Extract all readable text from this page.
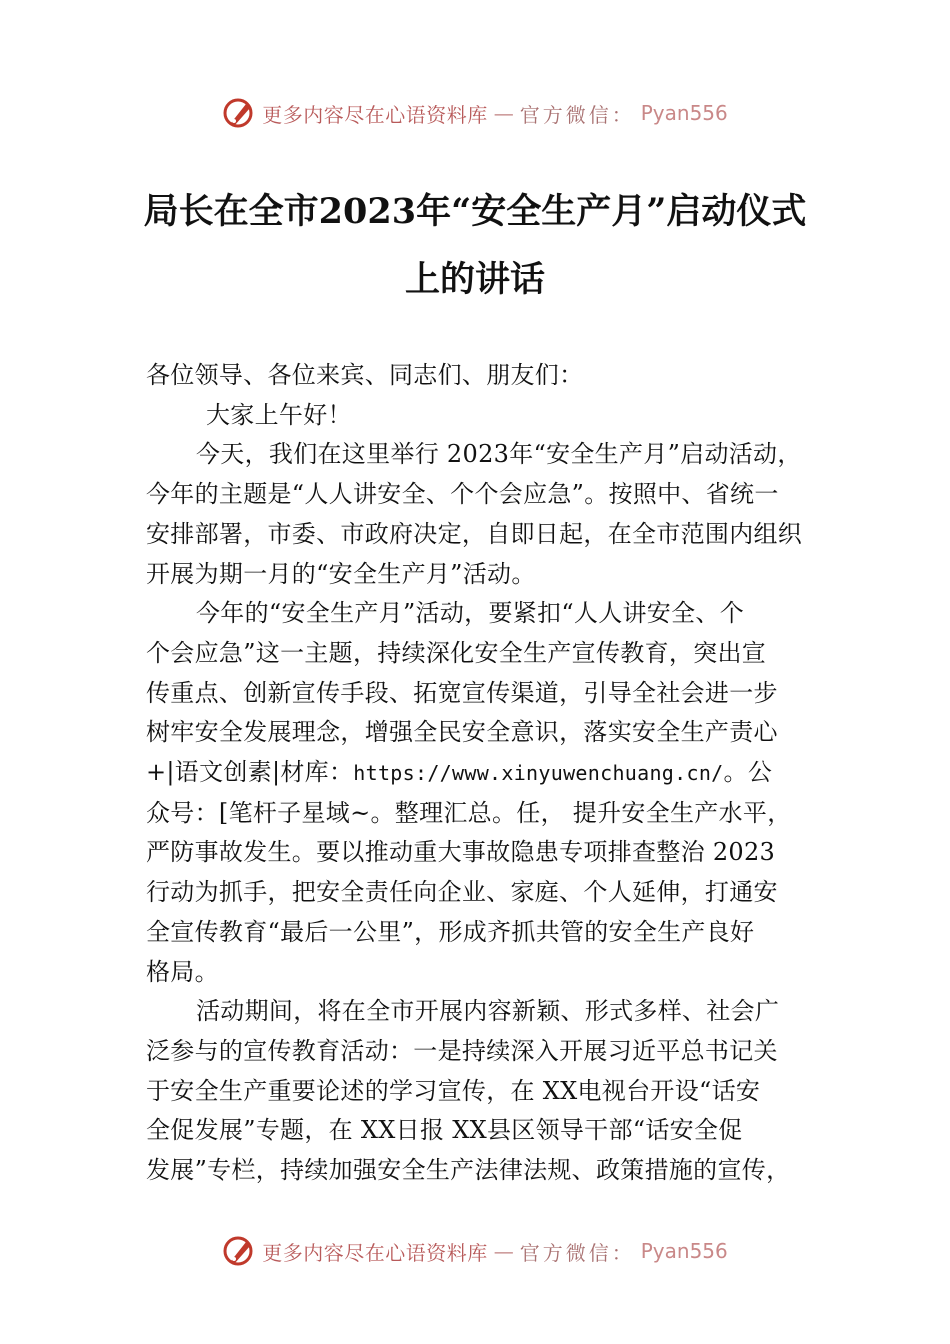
更多内容尽在心语资料库 — 官方微信： Pyan556
局长在全市2023年“安全生产月”启动仪式
上的讲话

各位领导、各位来宾、同志们、朋友们：

大家上午好！

今天，我们在这里举行 2023年“安全生产月”启动活动，

今年的主题是“人人讲安全、个个会应急”。按照中、省统一

安排部署，市委、市政府决定，自即日起，在全市范围内组织

开展为期一月的“安全生产月”活动。

今年的“安全生产月”活动，要紧扣“人人讲安全、个

个会应急”这一主题，持续深化安全生产宣传教育，突出宣

传重点、创新宣传手段、拓宽宣传渠道，引导全社会进一步

树牢安全发展理念，增强全民安全意识，落实安全生产责心

+|语文创素|材库：https://www.xinyuwenchuang.cn/。公

众号：[笔杆子星域~。整理汇总。任， 提升安全生产水平，

严防事故发生。要以推动重大事故隐患专项排查整治 2023

行动为抓手，把安全责任向企业、家庭、个人延伸，打通安

全宣传教育“最后一公里”，形成齐抓共管的安全生产良好

格局。

活动期间，将在全市开展内容新颖、形式多样、社会广

泛参与的宣传教育活动：一是持续深入开展习近平总书记关

于安全生产重要论述的学习宣传，在 XX电视台开设“话安

全促发展”专题，在 XX日报 XX县区领导干部“话安全促

发展”专栏，持续加强安全生产法律法规、政策措施的宣传，

更多内容尽在心语资料库 — 官方微信： Pyan556
